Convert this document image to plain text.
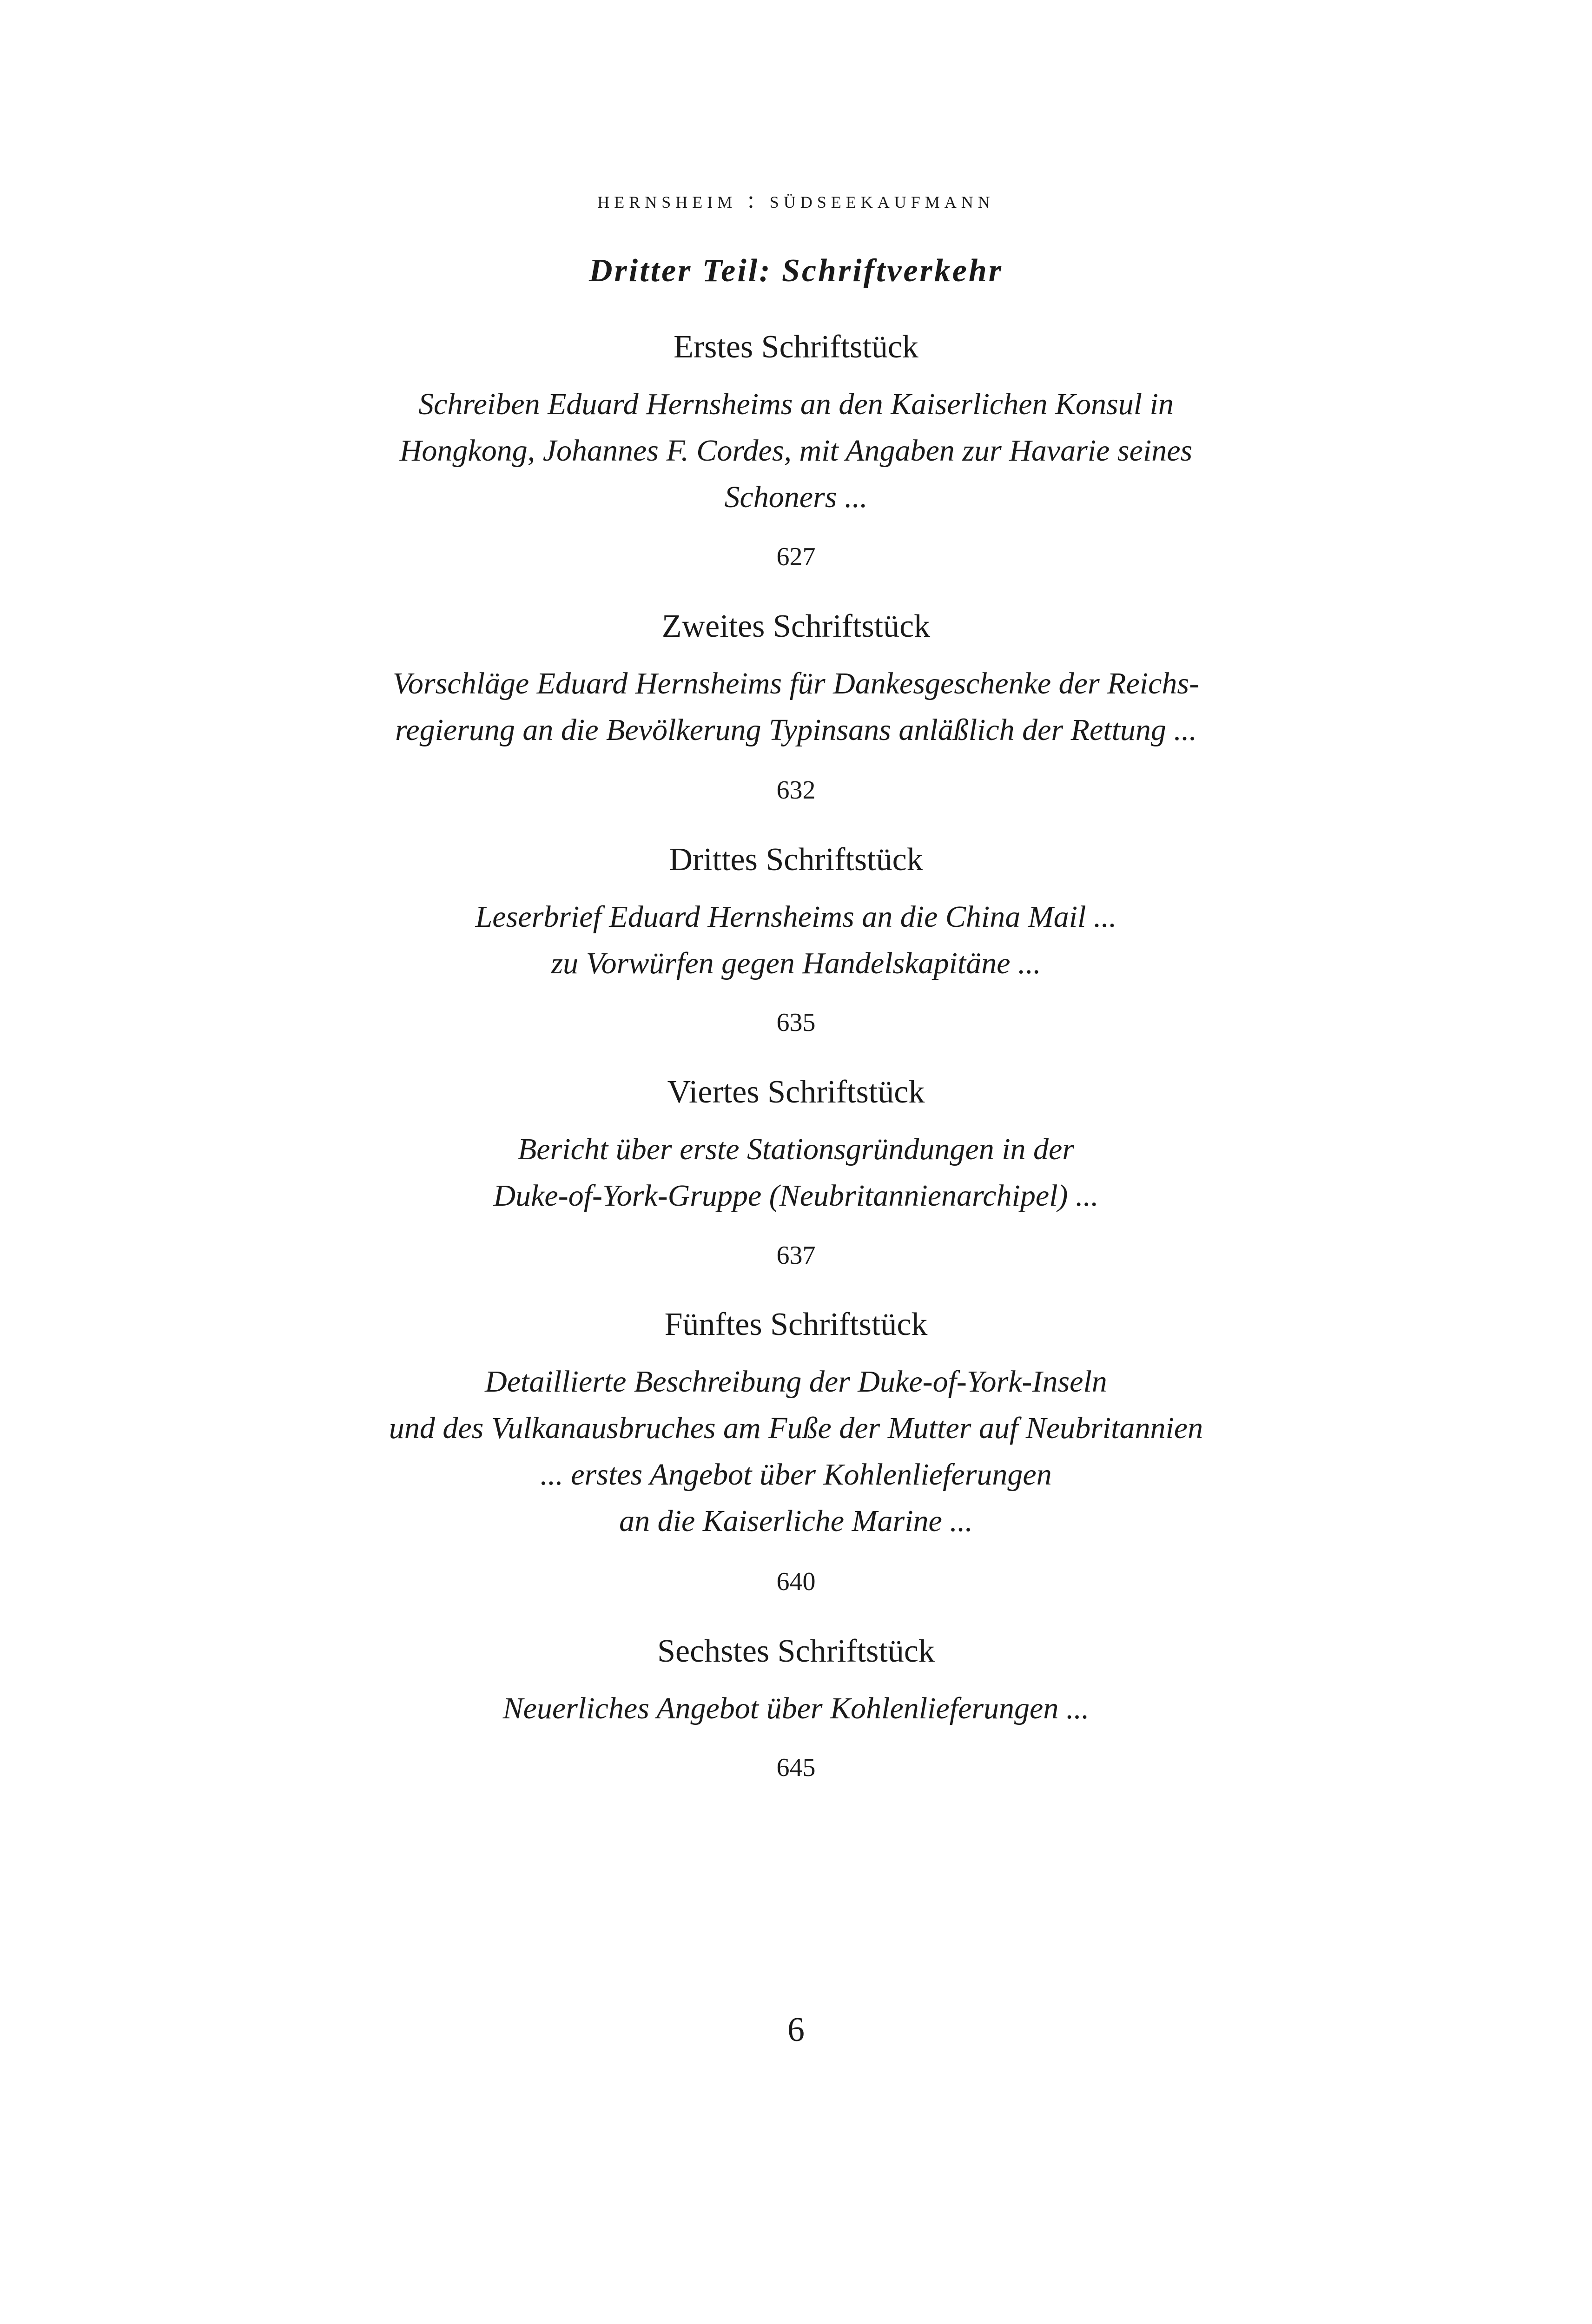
hernsheim : südseekaufmann
Dritter Teil: Schriftverkehr

Erstes Schriftstück

Schreiben Eduard Hernsheims an den Kaiserlichen Konsul in
Hongkong, Johannes F. Cordes, mit Angaben zur Havarie seines
Schoners ...

627

Zweites Schriftstück

Vorschläge Eduard Hernsheims für Dankesgeschenke der Reichs-
regierung an die Bevölkerung Typinsans anläßlich der Rettung ...

632

Drittes Schriftstück

Leserbrief Eduard Hernsheims an die China Mail ...
zu Vorwürfen gegen Handelskapitäne ...

635

Viertes Schriftstück

Bericht über erste Stationsgründungen in der
Duke-of-York-Gruppe (Neubritannienarchipel) ...

637

Fünftes Schriftstück

Detaillierte Beschreibung der Duke-of-York-Inseln
und des Vulkanausbruches am Fuße der Mutter auf Neubritannien
... erstes Angebot über Kohlenlieferungen
an die Kaiserliche Marine ...

640

Sechstes Schriftstück

Neuerliches Angebot über Kohlenlieferungen ...

645
6
